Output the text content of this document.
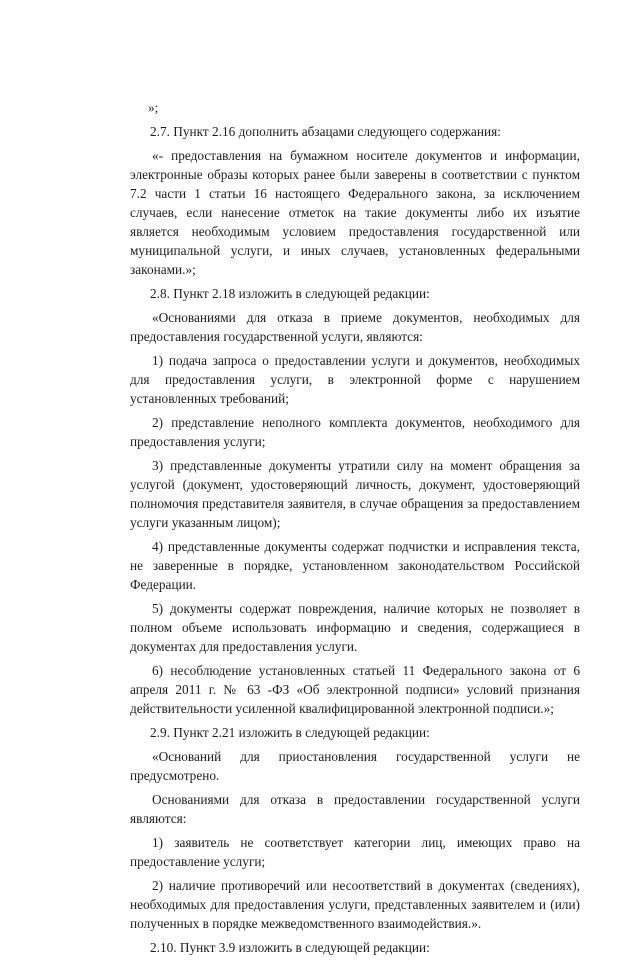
»;

2.7. Пункт 2.16 дополнить абзацами следующего содержания:

«- предоставления на бумажном носителе документов и информации, электронные образы которых ранее были заверены в соответствии с пунктом 7.2 части 1 статьи 16 настоящего Федерального закона, за исключением случаев, если нанесение отметок на такие документы либо их изъятие является необходимым условием предоставления государственной или муниципальной услуги, и иных случаев, установленных федеральными законами.»;

2.8. Пункт 2.18 изложить в следующей редакции:

«Основаниями для отказа в приеме документов, необходимых для предоставления государственной услуги, являются:

1) подача запроса о предоставлении услуги и документов, необходимых для предоставления услуги, в электронной форме с нарушением установленных требований;

2) представление неполного комплекта документов, необходимого для предоставления услуги;

3) представленные документы утратили силу на момент обращения за услугой (документ, удостоверяющий личность, документ, удостоверяющий полномочия представителя заявителя, в случае обращения за предоставлением услуги указанным лицом);

4) представленные документы содержат подчистки и исправления текста, не заверенные в порядке, установленном законодательством Российской Федерации.

5) документы содержат повреждения, наличие которых не позволяет в полном объеме использовать информацию и сведения, содержащиеся в документах для предоставления услуги.

6) несоблюдение установленных статьей 11 Федерального закона от 6 апреля 2011 г. № 63 -ФЗ «Об электронной подписи» условий признания действительности усиленной квалифицированной электронной подписи.»;

2.9. Пункт 2.21 изложить в следующей редакции:

«Оснований для приостановления государственной услуги не предусмотрено.

Основаниями для отказа в предоставлении государственной услуги являются:

1) заявитель не соответствует категории лиц, имеющих право на предоставление услуги;

2) наличие противоречий или несоответствий в документах (сведениях), необходимых для предоставления услуги, представленных заявителем и (или) полученных в порядке межведомственного взаимодействия.».

2.10. Пункт 3.9 изложить в следующей редакции:
